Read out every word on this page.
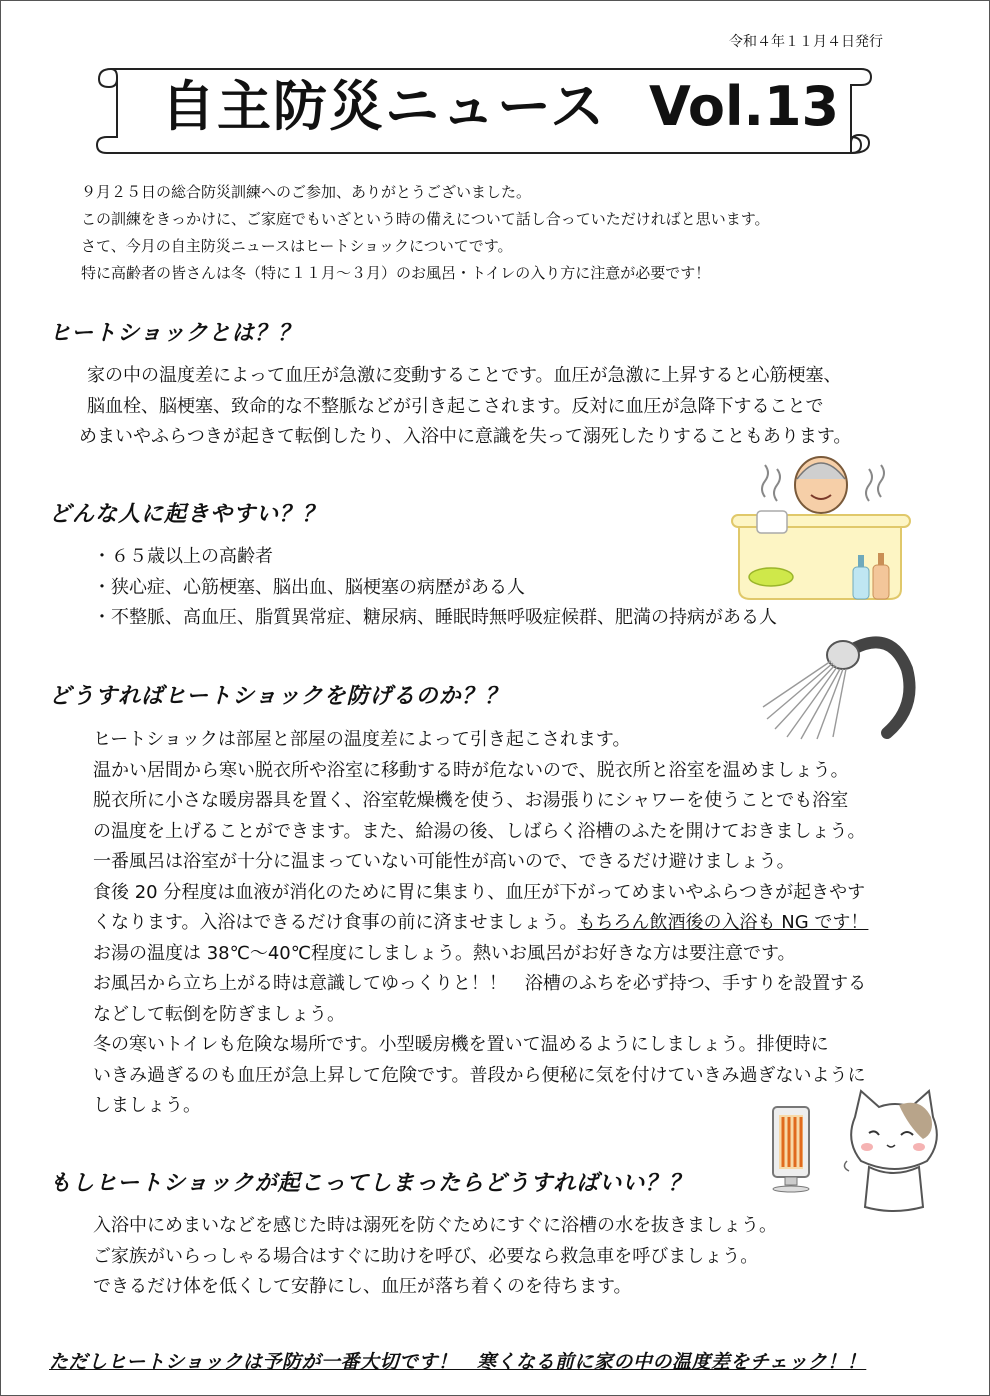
令和４年１１月４日発行
自主防災ニュース Vol.13

９月２５日の総合防災訓練へのご参加、ありがとうございました。

この訓練をきっかけに、ご家庭でもいざという時の備えについて話し合っていただければと思います。

さて、今月の自主防災ニュースはヒートショックについてです。

特に高齢者の皆さんは冬（特に１１月～３月）のお風呂・トイレの入り方に注意が必要です！

ヒートショックとは？？

家の中の温度差によって血圧が急激に変動することです。血圧が急激に上昇すると心筋梗塞、

脳血栓、脳梗塞、致命的な不整脈などが引き起こされます。反対に血圧が急降下することで

めまいやふらつきが起きて転倒したり、入浴中に意識を失って溺死したりすることもあります。

どんな人に起きやすい？？

・６５歳以上の高齢者

・狭心症、心筋梗塞、脳出血、脳梗塞の病歴がある人

・不整脈、高血圧、脂質異常症、糖尿病、睡眠時無呼吸症候群、肥満の持病がある人

どうすればヒートショックを防げるのか？？

ヒートショックは部屋と部屋の温度差によって引き起こされます。

温かい居間から寒い脱衣所や浴室に移動する時が危ないので、脱衣所と浴室を温めましょう。

脱衣所に小さな暖房器具を置く、浴室乾燥機を使う、お湯張りにシャワーを使うことでも浴室

の温度を上げることができます。また、給湯の後、しばらく浴槽のふたを開けておきましょう。

一番風呂は浴室が十分に温まっていない可能性が高いので、できるだけ避けましょう。

食後 20 分程度は血液が消化のために胃に集まり、血圧が下がってめまいやふらつきが起きやす

くなります。入浴はできるだけ食事の前に済ませましょう。もちろん飲酒後の入浴も NG です！

お湯の温度は 38℃～40℃程度にしましょう。熱いお風呂がお好きな方は要注意です。

お風呂から立ち上がる時は意識してゆっくりと！！　浴槽のふちを必ず持つ、手すりを設置する

などして転倒を防ぎましょう。

冬の寒いトイレも危険な場所です。小型暖房機を置いて温めるようにしましょう。排便時に

いきみ過ぎるのも血圧が急上昇して危険です。普段から便秘に気を付けていきみ過ぎないように

しましょう。

もしヒートショックが起こってしまったらどうすればいい？？

入浴中にめまいなどを感じた時は溺死を防ぐためにすぐに浴槽の水を抜きましょう。

ご家族がいらっしゃる場合はすぐに助けを呼び、必要なら救急車を呼びましょう。

できるだけ体を低くして安静にし、血圧が落ち着くのを待ちます。

ただしヒートショックは予防が一番大切です！　寒くなる前に家の中の温度差をチェック！！
